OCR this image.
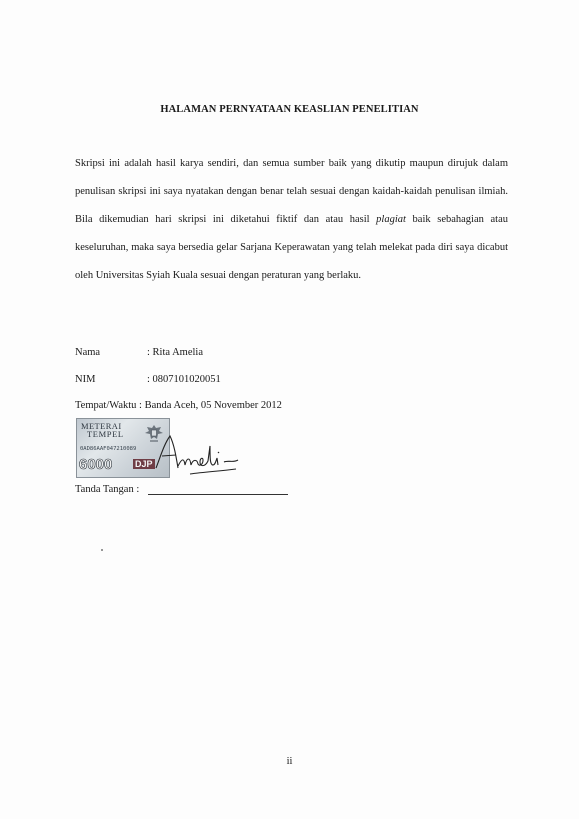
HALAMAN PERNYATAAN KEASLIAN PENELITIAN

Skripsi ini adalah hasil karya sendiri, dan semua sumber baik yang dikutip maupun dirujuk dalam penulisan skripsi ini saya nyatakan dengan benar telah sesuai dengan kaidah-kaidah penulisan ilmiah. Bila dikemudian hari skripsi ini diketahui fiktif dan atau hasil plagiat baik sebahagian atau keseluruhan, maka saya bersedia gelar Sarjana Keperawatan yang telah melekat pada diri saya dicabut oleh Universitas Syiah Kuala sesuai dengan peraturan yang berlaku.

Nama	: Rita Amelia
NIM	: 0807101020051
Tempat/Waktu : Banda Aceh, 05 November 2012
METERAI
TEMPEL
0AD86AAF047210089
6000	DJP
Tanda Tangan :
ii
